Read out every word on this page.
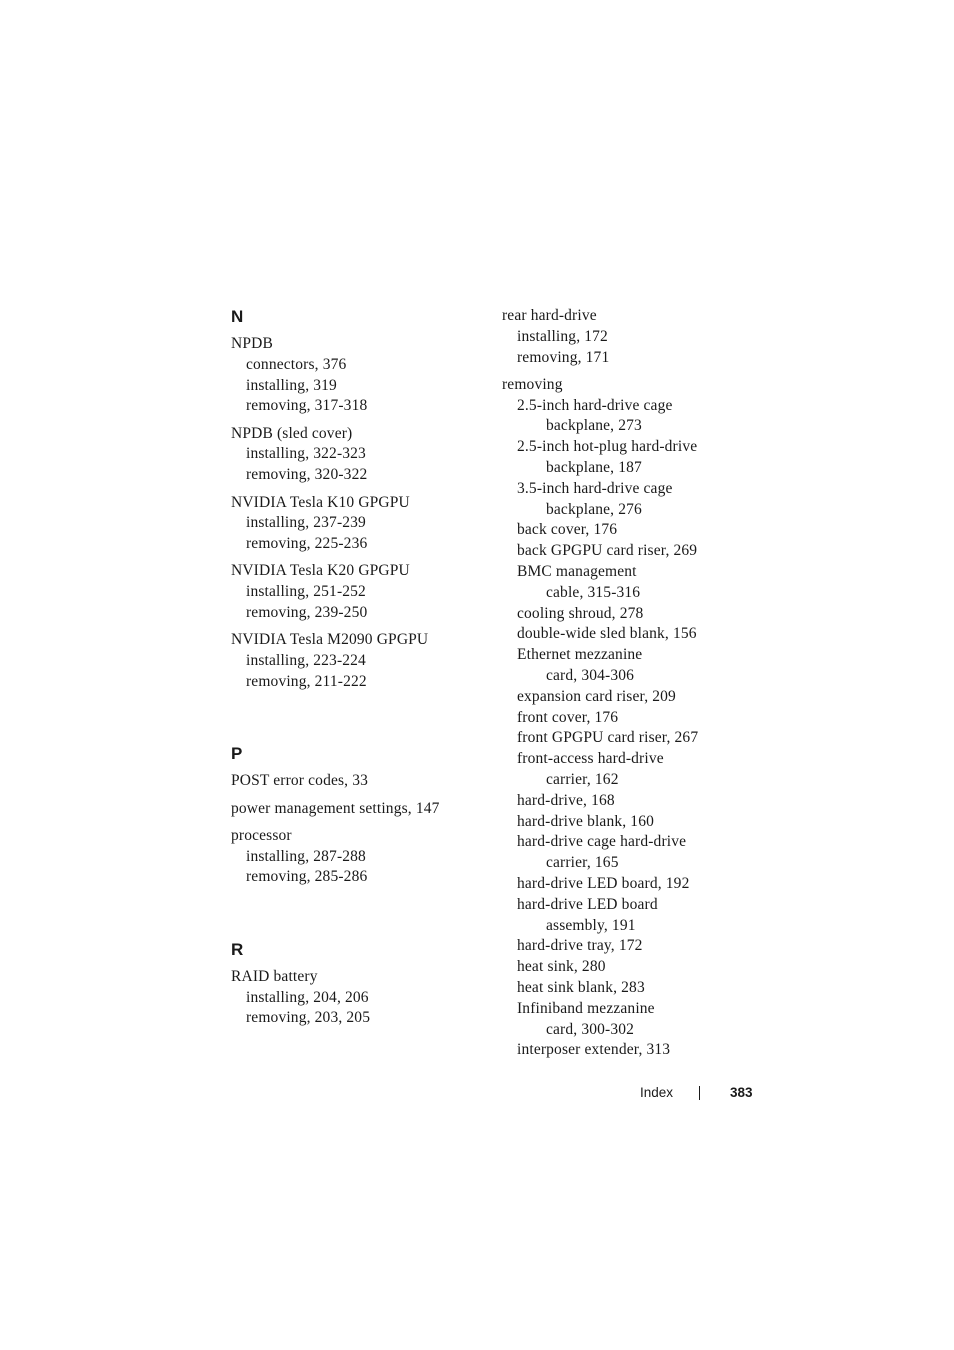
N
NPDB
connectors, 376
installing, 319
removing, 317-318
NPDB (sled cover)
installing, 322-323
removing, 320-322
NVIDIA Tesla K10 GPGPU
installing, 237-239
removing, 225-236
NVIDIA Tesla K20 GPGPU
installing, 251-252
removing, 239-250
NVIDIA Tesla M2090 GPGPU
installing, 223-224
removing, 211-222
P
POST error codes, 33
power management settings, 147
processor
installing, 287-288
removing, 285-286
R
RAID battery
installing, 204, 206
removing, 203, 205
rear hard-drive
installing, 172
removing, 171
removing
2.5-inch hard-drive cage
backplane, 273
2.5-inch hot-plug hard-drive
backplane, 187
3.5-inch hard-drive cage
backplane, 276
back cover, 176
back GPGPU card riser, 269
BMC management
cable, 315-316
cooling shroud, 278
double-wide sled blank, 156
Ethernet mezzanine
card, 304-306
expansion card riser, 209
front cover, 176
front GPGPU card riser, 267
front-access hard-drive
carrier, 162
hard-drive, 168
hard-drive blank, 160
hard-drive cage hard-drive
carrier, 165
hard-drive LED board, 192
hard-drive LED board
assembly, 191
hard-drive tray, 172
heat sink, 280
heat sink blank, 283
Infiniband mezzanine
card, 300-302
interposer extender, 313
Index	383
